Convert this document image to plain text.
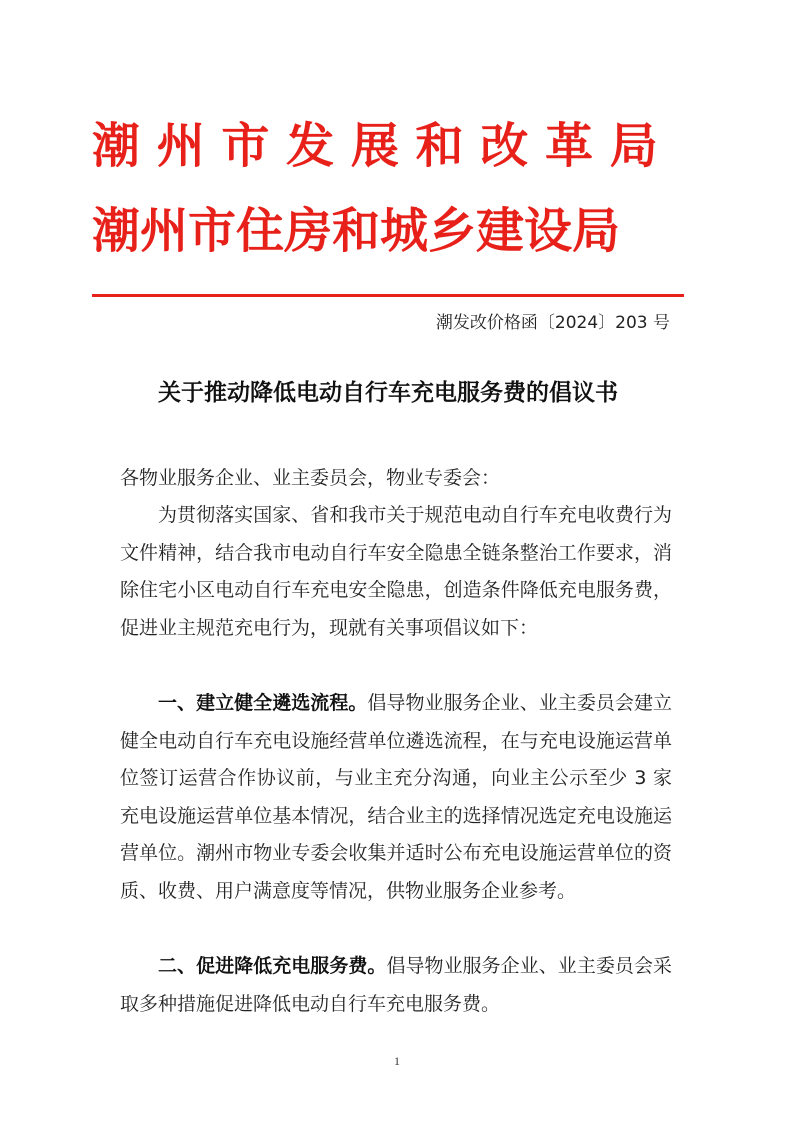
潮 州 市 发 展 和 改 革 局
潮州市住房和城乡建设局
潮发改价格函〔2024〕203 号
关于推动降低电动自行车充电服务费的倡议书
各物业服务企业、业主委员会，物业专委会：

为贯彻落实国家、省和我市关于规范电动自行车充电收费行为文件精神，结合我市电动自行车安全隐患全链条整治工作要求，消除住宅小区电动自行车充电安全隐患，创造条件降低充电服务费，促进业主规范充电行为，现就有关事项倡议如下：

一、建立健全遴选流程。倡导物业服务企业、业主委员会建立健全电动自行车充电设施经营单位遴选流程，在与充电设施运营单位签订运营合作协议前，与业主充分沟通，向业主公示至少 3 家充电设施运营单位基本情况，结合业主的选择情况选定充电设施运营单位。潮州市物业专委会收集并适时公布充电设施运营单位的资质、收费、用户满意度等情况，供物业服务企业参考。

二、促进降低充电服务费。倡导物业服务企业、业主委员会采取多种措施促进降低电动自行车充电服务费。

1
